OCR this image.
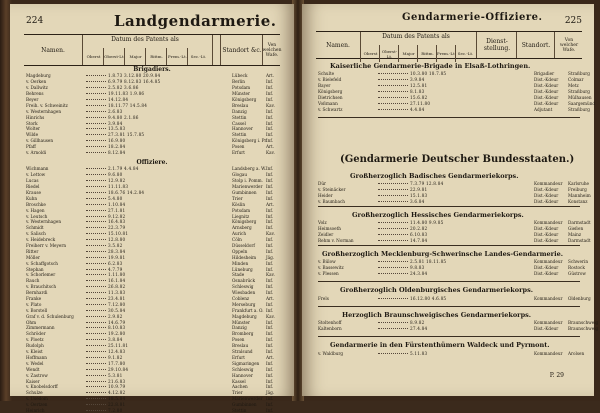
224	Landgendarmerie.
Namen.
Datum des Patents als
Oberst Oberst-Lt.	Major	Rittm.	Prem.-Lt. Sec.-Lt.
Standort &c.
Ven welchen Wafe.
Brigadiers.
Magdeburg	1.8.73 3.12.80 20.9.84	Lübeck	Art.
v. Oerken	6.9.79 8.12.83 16.4.85	Berlin	Inf.
v. Dallwitz	2.5.82 3.6.86	Potsdam	Inf.
Behrens	19.11.83 1.9.86	Münster	Inf.
Beyer	14.12.84	Königsberg	Inf.
Freih. v. Schweinitz	18.11.77 14.5.84	Breslau	Kav.
v. Westernhagen	2.6.83	Danzig	Inf.
Hinrichs	9.4.80 2.1.86	Stettin	Inf.
Stork	3.9.84	Cassel	Inf.
Wolter	13.5.83	Hannover	Inf.
Wilde	27.3.81 15.7.85	Stettin	Inf.
v. Gillhausen	16.9.80	Königsberg i. Pr.
Inf.
Pfaff	18.2.84	Posen	Art.
v. Arnoldi	8.12.84	Erfurt	Kav.
Offiziere.
Wichmann	2.1.79 4.4.84	Landsberg a. W. Inf.
v. Lettow	9.6.80	Glogau	Inf.
Lucas	12.9.82	Stolp i. Pomm. Inf.
Riedel	11.11.83	Marienwerder Inf.
Krause	18.6.76 14.2.84	Gumbinnen	Inf.
Kuhn	5.4.80	Trier	Inf.
Broschke	1.10.84	Köslin	Art.
v. Hagen	27.1.81	Potsdam	Inf.
v. Leutsch	9.12.82	Liegnitz	Inf.
v. Westernhagen	16.4.83	Königsberg	Inf.
Schmidt	22.3.79	Arnsberg	Inf.
v. Salisch	15.10.81	Aurich	Kav.
v. Heidebreck	12.8.80	Cöln	Inf.
Freiherr v. Meyern	3.5.82	Düsseldorf	Inf.
Ritter	28.3.84	Oppeln	Inf.
Möller	19.9.81	Hildesheim	Jäg.
v. Schaffgotsch	6.2.83	Minden	Inf.
Stephan	4.7.79	Lüneburg	Inf.
v. Schorlemer	1.11.80	Stade	Kav.
Rauch	16.1.84	Osnabrück	Inf.
v. Brauchitsch	26.8.82	Schleswig	Inf.
Bernhardi	11.3.83	Wiesbaden	Inf.
Franke	23.4.81	Coblenz	Art.
v. Plato	7.12.80	Merseburg	Inf.
v. Borstell	30.5.84	Frankfurt a. O. Inf.
Graf v. d. Schulenburg	2.9.82	Magdeburg	Kav.
Ohm	14.6.79	Münster	Inf.
Zimmermann	8.10.83	Danzig	Inf.
Schröder	19.2.80	Bromberg	Inf.
v. Ploetz	3.8.84	Posen	Inf.
Rudolph	25.11.81	Breslau	Inf.
v. Kleist	12.4.83	Stralsund	Inf.
Hoffmann	9.1.82	Erfurt	Art.
v. Wedel	17.7.80	Sigmaringen	Inf.
Wendt	29.10.84	Schleswig	Inf.
v. Zastrow	5.3.81	Hannover	Inf.
Kaiser	21.6.83	Kassel	Inf.
v. Knobelsdorff	10.9.79	Aachen	Inf.
Schulze	4.12.82	Trier	Jäg.
v. Usedom	18.5.84	Marienwerder Inf.
v. Oertzen	22.8.81	Gumbinnen	Inf.
Heinrich	7.2.80	Stettin	Inf.
225
Gendarmerie-Offiziere.
Namen.
Datum des Patents als
Oberst	Oberst-Lt.	Major	Rittm. Prem.-Lt. Sec.-Lt.
Dienst-stellung.	Standort.
Von welcher Wafe.
Kaiserliche Gendarmerie-Brigade in Elsaß-Lothringen.
Schulte	10.3.80 18.7.85	Brigadier	Straßburg
v. Bielefeld	3.9.84	Dist.-Kdeur	Colmar
Bayer	12.5.81	Dist.-Kdeur	Metz
Königsberg	8.1.83	Dist.-Kdeur	Straßburg
Dietrichsen	15.6.82	Dist.-Kdeur	Mülhausen
Voßmann	27.11.80	Dist.-Kdeur	Saargemünd
v. Schwartz	4.4.84	Adjutant	Straßburg
(Gendarmerie Deutscher Bundesstaaten.)
Großherzoglich Badisches Gendarmeriekorps.
Dür	7.3.79 12.8.84	Kommandeur	Karlsruhe
v. Steinäcker	22.9.81	Dist.-Kdeur	Freiburg
Heider	15.1.83	Dist.-Kdeur	Mannheim
v. Baumbach	3.6.84	Dist.-Kdeur	Konstanz
Großherzoglich Hessisches Gendarmeriekorps.
Volz	11.4.80 9.9.85	Kommandeur	Darmstadt
Heimsoeth	20.2.82	Dist.-Kdeur	Gießen
Zeidler	6.10.83	Dist.-Kdeur	Mainz
Rehm v. Norman	14.7.84	Dist.-Kdeur	Darmstadt
Großherzoglich Mecklenburg-Schwerinsche Landes-Gendarmerie.
v. Bülow	2.5.81 18.11.85	Kommandeur	Schwerin
v. Bassewitz	9.8.83	Dist.-Kdeur	Rostock
v. Plessen	24.3.84	Dist.-Kdeur	Güstrow
Großherzoglich Oldenburgisches Gendarmeriekorps.
Frels	16.12.80 4.6.85	Kommandeur	Oldenburg
Herzoglich Braunschweigisches Gendarmeriekorps.
Stoltenhoff	8.9.82	Kommandeur	Braunschweig
Kaltenborn	27.4.84	Dist.-Kdeur	Braunschweig
Gendarmerie in den Fürstenthümern Waldeck und Pyrmont.
v. Waldburg	5.11.83	Kommandeur	Arolsen
P. 29
